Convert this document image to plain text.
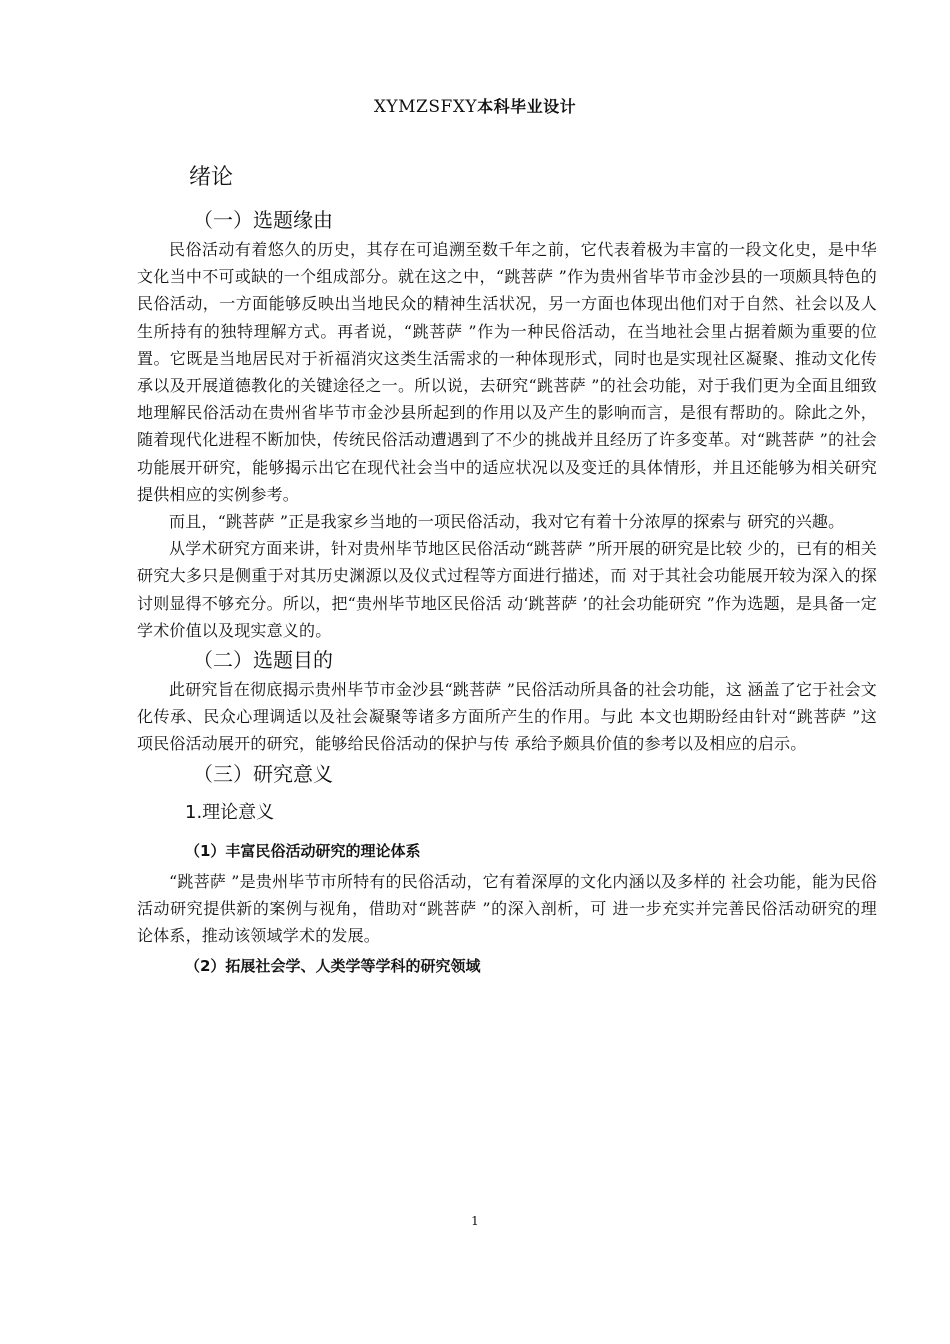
XYMZSFXY本科毕业设计
绪论
（一）选题缘由

民俗活动有着悠久的历史，其存在可追溯至数千年之前，它代表着极为丰富的一段文化史，是中华文化当中不可或缺的一个组成部分。就在这之中，“跳菩萨 ”作为贵州省毕节市金沙县的一项颇具特色的民俗活动，一方面能够反映出当地民众的精神生活状况，另一方面也体现出他们对于自然、社会以及人生所持有的独特理解方式。再者说，“跳菩萨 ”作为一种民俗活动，在当地社会里占据着颇为重要的位置。它既是当地居民对于祈福消灾这类生活需求的一种体现形式，同时也是实现社区凝聚、推动文化传承以及开展道德教化的关键途径之一。所以说，去研究“跳菩萨 ”的社会功能，对于我们更为全面且细致地理解民俗活动在贵州省毕节市金沙县所起到的作用以及产生的影响而言，是很有帮助的。除此之外，随着现代化进程不断加快，传统民俗活动遭遇到了不少的挑战并且经历了许多变革。对“跳菩萨 ”的社会功能展开研究，能够揭示出它在现代社会当中的适应状况以及变迁的具体情形，并且还能够为相关研究提供相应的实例参考。

而且，“跳菩萨 ”正是我家乡当地的一项民俗活动，我对它有着十分浓厚的探索与 研究的兴趣。

从学术研究方面来讲，针对贵州毕节地区民俗活动“跳菩萨 ”所开展的研究是比较 少的，已有的相关研究大多只是侧重于对其历史渊源以及仪式过程等方面进行描述，而 对于其社会功能展开较为深入的探讨则显得不够充分。所以，把“贵州毕节地区民俗活 动‘跳菩萨 ’的社会功能研究 ”作为选题，是具备一定学术价值以及现实意义的。

（二）选题目的

此研究旨在彻底揭示贵州毕节市金沙县“跳菩萨 ”民俗活动所具备的社会功能，这 涵盖了它于社会文化传承、民众心理调适以及社会凝聚等诸多方面所产生的作用。与此 本文也期盼经由针对“跳菩萨 ”这项民俗活动展开的研究，能够给民俗活动的保护与传 承给予颇具价值的参考以及相应的启示。

（三）研究意义
1.理论意义
（1）丰富民俗活动研究的理论体系

“跳菩萨 ”是贵州毕节市所特有的民俗活动，它有着深厚的文化内涵以及多样的 社会功能，能为民俗活动研究提供新的案例与视角，借助对“跳菩萨 ”的深入剖析，可 进一步充实并完善民俗活动研究的理论体系，推动该领域学术的发展。

（2）拓展社会学、人类学等学科的研究领域
1
